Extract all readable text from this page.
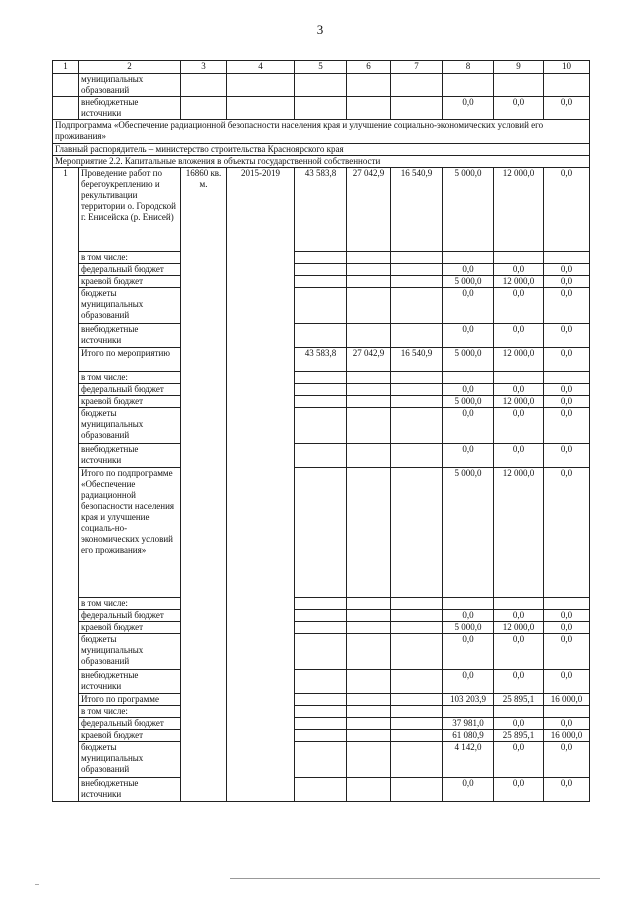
3
1	2	3	4	5	6	7	8	9	10
	муниципальных образований								
	внебюджетные источники						0,0	0,0	0,0
Подпрограмма «Обеспечение радиационной безопасности населения края и улучшение социально-экономических условий его проживания»									
Главный распорядитель – министерство строительства Красноярского края									
Мероприятие 2.2. Капитальные вложения в объекты государственной собственности									
1	Проведение работ по берегоукреплению и рекультивации территории о. Городской г. Енисейска (р. Енисей)	16860 кв. м.	2015-2019	43 583,8	27 042,9	16 540,9	5 000,0	12 000,0	0,0
	в том числе:								
	федеральный бюджет						0,0	0,0	0,0
	краевой бюджет						5 000,0	12 000,0	0,0
	бюджеты муниципальных образований						0,0	0,0	0,0
	внебюджетные источники						0,0	0,0	0,0
	Итого по мероприятию			43 583,8	27 042,9	16 540,9	5 000,0	12 000,0	0,0
	в том числе:								
	федеральный бюджет						0,0	0,0	0,0
	краевой бюджет						5 000,0	12 000,0	0,0
	бюджеты муниципальных образований						0,0	0,0	0,0
	внебюджетные источники						0,0	0,0	0,0
	Итого по подпрограмме «Обеспечение радиационной безопасности населения края и улучшение социаль-но-экономических условий его проживания»						5 000,0	12 000,0	0,0
	в том числе:								
	федеральный бюджет						0,0	0,0	0,0
	краевой бюджет						5 000,0	12 000,0	0,0
	бюджеты муниципальных образований						0,0	0,0	0,0
	внебюджетные источники						0,0	0,0	0,0
	Итого по программе						103 203,9	25 895,1	16 000,0
	в том числе:								
	федеральный бюджет						37 981,0	0,0	0,0
	краевой бюджет						61 080,9	25 895,1	16 000,0
	бюджеты муниципальных образований						4 142,0	0,0	0,0
	внебюджетные источники						0,0	0,0	0,0
